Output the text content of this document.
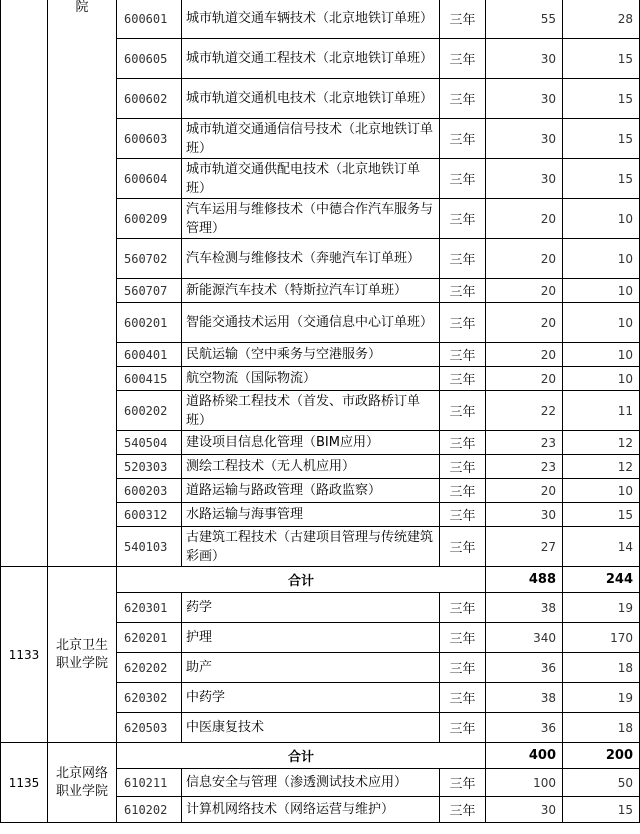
	院	600601	城市轨道交通车辆技术（北京地铁订单班）	三年	55	28
		600605	城市轨道交通工程技术（北京地铁订单班）	三年	30	15
		600602	城市轨道交通机电技术（北京地铁订单班）	三年	30	15
		600603	城市轨道交通通信信号技术（北京地铁订单班）	三年	30	15
		600604	城市轨道交通供配电技术（北京地铁订单班）	三年	30	15
		600209	汽车运用与维修技术（中德合作汽车服务与管理）	三年	20	10
		560702	汽车检测与维修技术（奔驰汽车订单班）	三年	20	10
		560707	新能源汽车技术（特斯拉汽车订单班）	三年	20	10
		600201	智能交通技术运用（交通信息中心订单班）	三年	20	10
		600401	民航运输（空中乘务与空港服务）	三年	20	10
		600415	航空物流（国际物流）	三年	20	10
		600202	道路桥梁工程技术（首发、市政路桥订单班）	三年	22	11
		540504	建设项目信息化管理（BIM应用）	三年	23	12
		520303	测绘工程技术（无人机应用）	三年	23	12
		600203	道路运输与路政管理（路政监察）	三年	20	10
		600312	水路运输与海事管理	三年	30	15
		540103	古建筑工程技术（古建项目管理与传统建筑彩画）	三年	27	14
1133	北京卫生职业学院	合计			488	244
		620301	药学	三年	38	19
		620201	护理	三年	340	170
		620202	助产	三年	36	18
		620302	中药学	三年	38	19
		620503	中医康复技术	三年	36	18
1135	北京网络职业学院	合计			400	200
		610211	信息安全与管理（渗透测试技术应用）	三年	100	50
		610202	计算机网络技术（网络运营与维护）	三年	30	15
